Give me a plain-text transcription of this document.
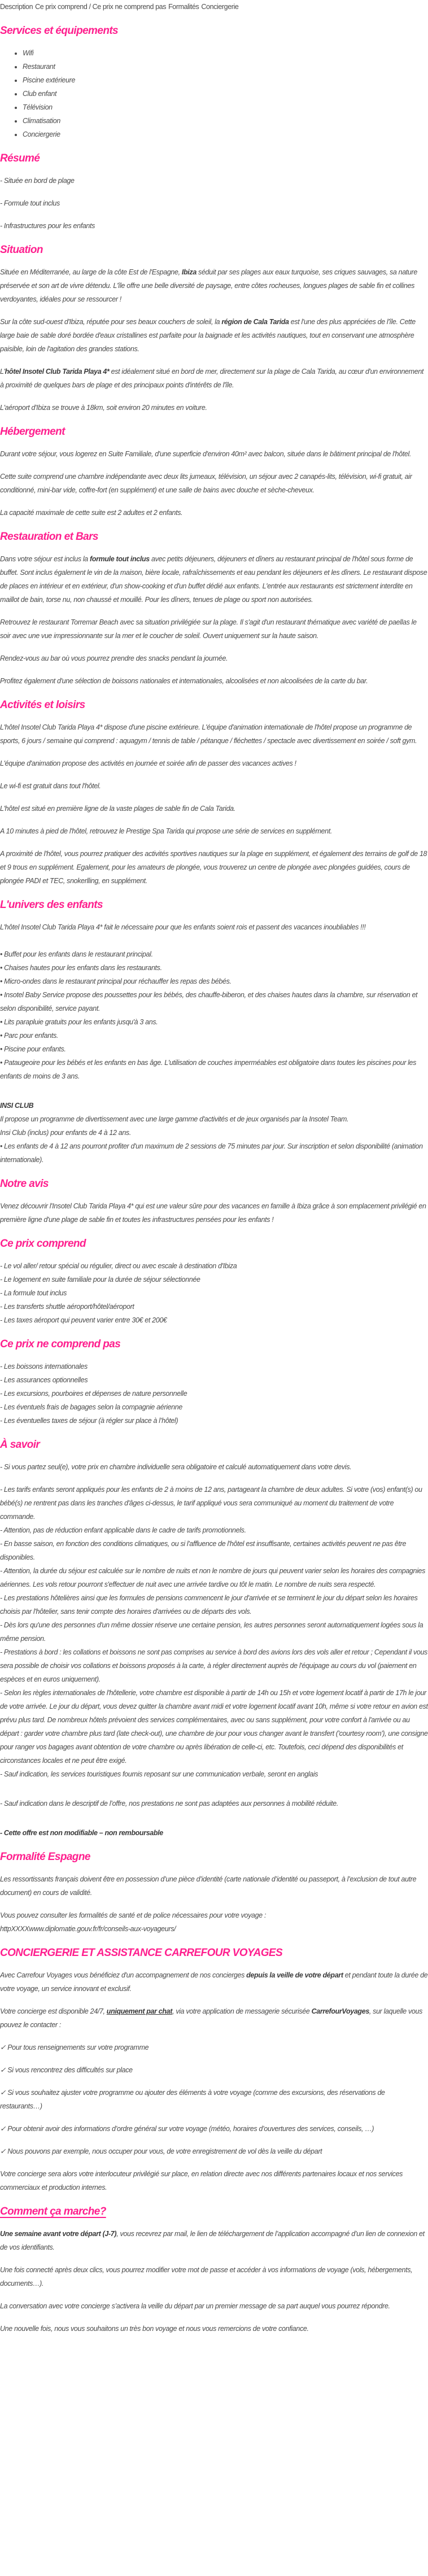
Description Ce prix comprend / Ce prix ne comprend pas Formalités Conciergerie
Services et équipements
• Wifi
• Restaurant
• Piscine extérieure
• Club enfant
• Télévision
• Climatisation
• Conciergerie
Résumé

- Située en bord de plage

- Formule tout inclus

- Infrastructures pour les enfants

Situation

Située en Méditerranée, au large de la côte Est de l'Espagne, Ibiza séduit par ses plages aux eaux turquoise, ses criques sauvages, sa nature préservée et son art de vivre détendu. L'île offre une belle diversité de paysage, entre côtes rocheuses, longues plages de sable fin et collines verdoyantes, idéales pour se ressourcer !

Sur la côte sud-ouest d'Ibiza, réputée pour ses beaux couchers de soleil, la région de Cala Tarida est l'une des plus appréciées de l'île. Cette large baie de sable doré bordée d'eaux cristallines est parfaite pour la baignade et les activités nautiques, tout en conservant une atmosphère paisible, loin de l'agitation des grandes stations.

L'hôtel Insotel Club Tarida Playa 4* est idéalement situé en bord de mer, directement sur la plage de Cala Tarida, au cœur d'un environnement à proximité de quelques bars de plage et des principaux points d'intérêts de l'île.

L'aéroport d'Ibiza se trouve à 18km, soit environ 20 minutes en voiture.

Hébergement

Durant votre séjour, vous logerez en Suite Familiale, d'une superficie d'environ 40m² avec balcon, située dans le bâtiment principal de l'hôtel.

Cette suite comprend une chambre indépendante avec deux lits jumeaux, télévision, un séjour avec 2 canapés-lits, télévision, wi-fi gratuit, air conditionné, mini-bar vide, coffre-fort (en supplément) et une salle de bains avec douche et sèche-cheveux.

La capacité maximale de cette suite est 2 adultes et 2 enfants.

Restauration et Bars

Dans votre séjour est inclus la formule tout inclus avec petits déjeuners, déjeuners et dîners au restaurant principal de l'hôtel sous forme de buffet. Sont inclus également le vin de la maison, bière locale, rafraîchissements et eau pendant les déjeuners et les dîners. Le restaurant dispose de places en intérieur et en extérieur, d'un show-cooking et d'un buffet dédié aux enfants. L'entrée aux restaurants est strictement interdite en maillot de bain, torse nu, non chaussé et mouillé. Pour les dîners, tenues de plage ou sport non autorisées.

Retrouvez le restaurant Torremar Beach avec sa situation privilégiée sur la plage. Il s'agit d'un restaurant thématique avec variété de paellas le soir avec une vue impressionnante sur la mer et le coucher de soleil. Ouvert uniquement sur la haute saison.

Rendez-vous au bar où vous pourrez prendre des snacks pendant la journée.

Profitez également d'une sélection de boissons nationales et internationales, alcoolisées et non alcoolisées de la carte du bar.

Activités et loisirs

L'hôtel Insotel Club Tarida Playa 4* dispose d'une piscine extérieure. L'équipe d'animation internationale de l'hôtel propose un programme de sports, 6 jours / semaine qui comprend : aquagym / tennis de table / pétanque / fléchettes / spectacle avec divertissement en soirée / soft gym.

L'équipe d'animation propose des activités en journée et soirée afin de passer des vacances actives !

Le wi-fi est gratuit dans tout l'hôtel.

L'hôtel est situé en première ligne de la vaste plages de sable fin de Cala Tarida.

A 10 minutes à pied de l'hôtel, retrouvez le Prestige Spa Tarida qui propose une série de services en supplément.

A proximité de l'hôtel, vous pourrez pratiquer des activités sportives nautiques sur la plage en supplément, et également des terrains de golf de 18 et 9 trous en supplément. Egalement, pour les amateurs de plongée, vous trouverez un centre de plongée avec plongées guidées, cours de plongée PADI et TEC, snokerlling, en supplément.

L'univers des enfants

L'hôtel Insotel Club Tarida Playa 4* fait le nécessaire pour que les enfants soient rois et passent des vacances inoubliables !!!

• Buffet pour les enfants dans le restaurant principal.
• Chaises hautes pour les enfants dans les restaurants.
• Micro-ondes dans le restaurant principal pour réchauffer les repas des bébés.
• Insotel Baby Service propose des poussettes pour les bébés, des chauffe-biberon, et des chaises hautes dans la chambre, sur réservation et selon disponibilité, service payant.
• Lits parapluie gratuits pour les enfants jusqu'à 3 ans.
• Parc pour enfants.
• Piscine pour enfants.
• Pataugeoire pour les bébés et les enfants en bas âge. L'utilisation de couches imperméables est obligatoire dans toutes les piscines pour les enfants de moins de 3 ans.
INSI CLUB
Il propose un programme de divertissement avec une large gamme d'activités et de jeux organisés par la Insotel Team.
Insi Club (inclus) pour enfants de 4 à 12 ans.
• Les enfants de 4 à 12 ans pourront profiter d'un maximum de 2 sessions de 75 minutes par jour. Sur inscription et selon disponibilité (animation internationale).
Notre avis

Venez découvrir l'Insotel Club Tarida Playa 4* qui est une valeur sûre pour des vacances en famille à Ibiza grâce à son emplacement privilégié en première ligne d'une plage de sable fin et toutes les infrastructures pensées pour les enfants !

Ce prix comprend
- Le vol aller/ retour spécial ou régulier, direct ou avec escale à destination d'Ibiza
- Le logement en suite familiale pour la durée de séjour sélectionnée
- La formule tout inclus
- Les transferts shuttle aéroport/hôtel/aéroport
- Les taxes aéroport qui peuvent varier entre 30€ et 200€
Ce prix ne comprend pas
- Les boissons internationales
- Les assurances optionnelles
- Les excursions, pourboires et dépenses de nature personnelle
- Les éventuels frais de bagages selon la compagnie aérienne
- Les éventuelles taxes de séjour (à régler sur place à l’hôtel)
À savoir

- Si vous partez seul(e), votre prix en chambre individuelle sera obligatoire et calculé automatiquement dans votre devis.

- Les tarifs enfants seront appliqués pour les enfants de 2 à moins de 12 ans, partageant la chambre de deux adultes. Si votre (vos) enfant(s) ou bébé(s) ne rentrent pas dans les tranches d'âges ci-dessus, le tarif appliqué vous sera communiqué au moment du traitement de votre commande.
- Attention, pas de réduction enfant applicable dans le cadre de tarifs promotionnels.
- En basse saison, en fonction des conditions climatiques, ou si l'affluence de l'hôtel est insuffisante, certaines activités peuvent ne pas être disponibles.
- Attention, la durée du séjour est calculée sur le nombre de nuits et non le nombre de jours qui peuvent varier selon les horaires des compagnies aériennes. Les vols retour pourront s'effectuer de nuit avec une arrivée tardive ou tôt le matin. Le nombre de nuits sera respecté.
- Les prestations hôtelières ainsi que les formules de pensions commencent le jour d'arrivée et se terminent le jour du départ selon les horaires choisis par l'hôtelier, sans tenir compte des horaires d'arrivées ou de départs des vols.
- Dès lors qu'une des personnes d'un même dossier réserve une certaine pension, les autres personnes seront automatiquement logées sous la même pension.
- Prestations à bord : les collations et boissons ne sont pas comprises au service à bord des avions lors des vols aller et retour ; Cependant il vous sera possible de choisir vos collations et boissons proposés à la carte, à régler directement auprès de l'équipage au cours du vol (paiement en espèces et en euros uniquement).
- Selon les règles internationales de l'hôtellerie, votre chambre est disponible à partir de 14h ou 15h et votre logement locatif à partir de 17h le jour de votre arrivée. Le jour du départ, vous devez quitter la chambre avant midi et votre logement locatif avant 10h, même si votre retour en avion est prévu plus tard. De nombreux hôtels prévoient des services complémentaires, avec ou sans supplément, pour votre confort à l'arrivée ou au départ : garder votre chambre plus tard (late check-out), une chambre de jour pour vous changer avant le transfert ('courtesy room'), une consigne pour ranger vos bagages avant obtention de votre chambre ou après libération de celle-ci, etc. Toutefois, ceci dépend des disponibilités et circonstances locales et ne peut être exigé.
- Sauf indication, les services touristiques fournis reposant sur une communication verbale, seront en anglais

- Sauf indication dans le descriptif de l’offre, nos prestations ne sont pas adaptées aux personnes à mobilité réduite.

- Cette offre est non modifiable – non remboursable

Formalité Espagne

Les ressortissants français doivent être en possession d’une pièce d’identité (carte nationale d’identité ou passeport, à l’exclusion de tout autre document) en cours de validité.

Vous pouvez consulter les formalités de santé et de police nécessaires pour votre voyage :

httpXXXXwww.diplomatie.gouv.fr/fr/conseils-aux-voyageurs/

CONCIERGERIE ET ASSISTANCE CARREFOUR VOYAGES

Avec Carrefour Voyages vous bénéficiez d'un accompagnement de nos concierges depuis la veille de votre départ et pendant toute la durée de votre voyage, un service innovant et exclusif.

Votre concierge est disponible 24/7, uniquement par chat, via votre application de messagerie sécurisée CarrefourVoyages, sur laquelle vous pouvez le contacter :

✓ Pour tous renseignements sur votre programme

✓ Si vous rencontrez des difficultés sur place

✓ Si vous souhaitez ajuster votre programme ou ajouter des éléments à votre voyage (comme des excursions, des réservations de restaurants…)

✓ Pour obtenir avoir des informations d’ordre général sur votre voyage (météo, horaires d’ouvertures des services, conseils, …)

✓ Nous pouvons par exemple, nous occuper pour vous, de votre enregistrement de vol dès la veille du départ

Votre concierge sera alors votre interlocuteur privilégié sur place, en relation directe avec nos différents partenaires locaux et nos services commerciaux et production internes.

Comment ça marche?

Une semaine avant votre départ (J-7), vous recevrez par mail, le lien de téléchargement de l’application accompagné d’un lien de connexion et de vos identifiants.

Une fois connecté après deux clics, vous pourrez modifier votre mot de passe et accéder à vos informations de voyage (vols, hébergements, documents…).

La conversation avec votre concierge s’activera la veille du départ par un premier message de sa part auquel vous pourrez répondre.

Une nouvelle fois, nous vous souhaitons un très bon voyage et nous vous remercions de votre confiance.
